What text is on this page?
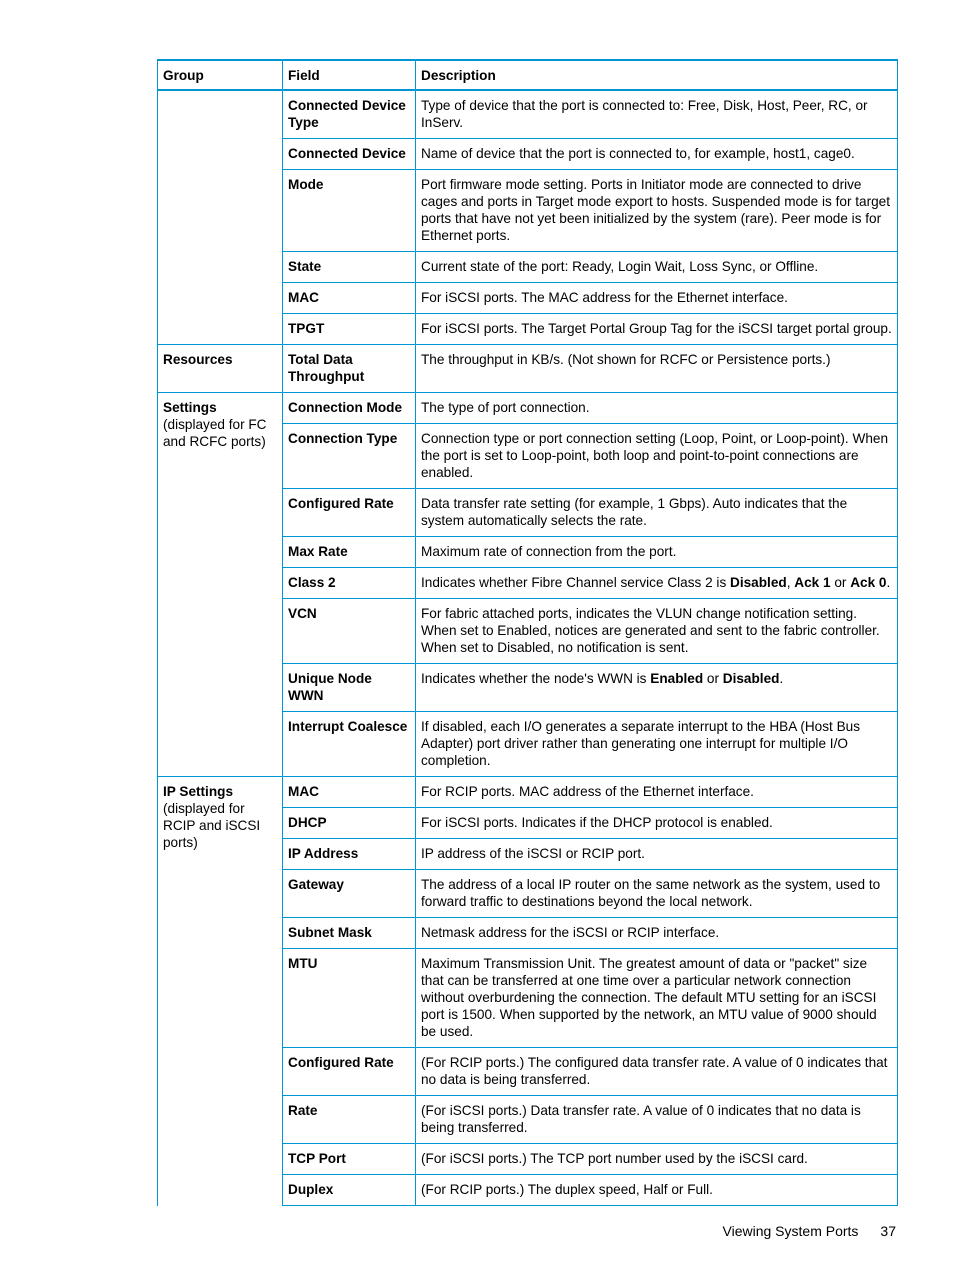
Group	Field	Description
	Connected Device Type	Type of device that the port is connected to: Free, Disk, Host, Peer, RC, or InServ.
	Connected Device	Name of device that the port is connected to, for example, host1, cage0.
	Mode	Port firmware mode setting. Ports in Initiator mode are connected to drive cages and ports in Target mode export to hosts. Suspended mode is for target ports that have not yet been initialized by the system (rare). Peer mode is for Ethernet ports.
	State	Current state of the port: Ready, Login Wait, Loss Sync, or Offline.
	MAC	For iSCSI ports. The MAC address for the Ethernet interface.
	TPGT	For iSCSI ports. The Target Portal Group Tag for the iSCSI target portal group.
Resources	Total Data Throughput	The throughput in KB/s. (Not shown for RCFC or Persistence ports.)
Settings (displayed for FC and RCFC ports)	Connection Mode	The type of port connection.
	Connection Type	Connection type or port connection setting (Loop, Point, or Loop-point). When the port is set to Loop-point, both loop and point-to-point connections are enabled.
	Configured Rate	Data transfer rate setting (for example, 1 Gbps). Auto indicates that the system automatically selects the rate.
	Max Rate	Maximum rate of connection from the port.
	Class 2	Indicates whether Fibre Channel service Class 2 is Disabled, Ack 1 or Ack 0.
	VCN	For fabric attached ports, indicates the VLUN change notification setting. When set to Enabled, notices are generated and sent to the fabric controller. When set to Disabled, no notification is sent.
	Unique Node WWN	Indicates whether the node's WWN is Enabled or Disabled.
	Interrupt Coalesce	If disabled, each I/O generates a separate interrupt to the HBA (Host Bus Adapter) port driver rather than generating one interrupt for multiple I/O completion.
IP Settings (displayed for RCIP and iSCSI ports)	MAC	For RCIP ports. MAC address of the Ethernet interface.
	DHCP	For iSCSI ports. Indicates if the DHCP protocol is enabled.
	IP Address	IP address of the iSCSI or RCIP port.
	Gateway	The address of a local IP router on the same network as the system, used to forward traffic to destinations beyond the local network.
	Subnet Mask	Netmask address for the iSCSI or RCIP interface.
	MTU	Maximum Transmission Unit. The greatest amount of data or "packet" size that can be transferred at one time over a particular network connection without overburdening the connection. The default MTU setting for an iSCSI port is 1500. When supported by the network, an MTU value of 9000 should be used.
	Configured Rate	(For RCIP ports.) The configured data transfer rate. A value of 0 indicates that no data is being transferred.
	Rate	(For iSCSI ports.) Data transfer rate. A value of 0 indicates that no data is being transferred.
	TCP Port	(For iSCSI ports.) The TCP port number used by the iSCSI card.
	Duplex	(For RCIP ports.) The duplex speed, Half or Full.
Viewing System Ports 37
